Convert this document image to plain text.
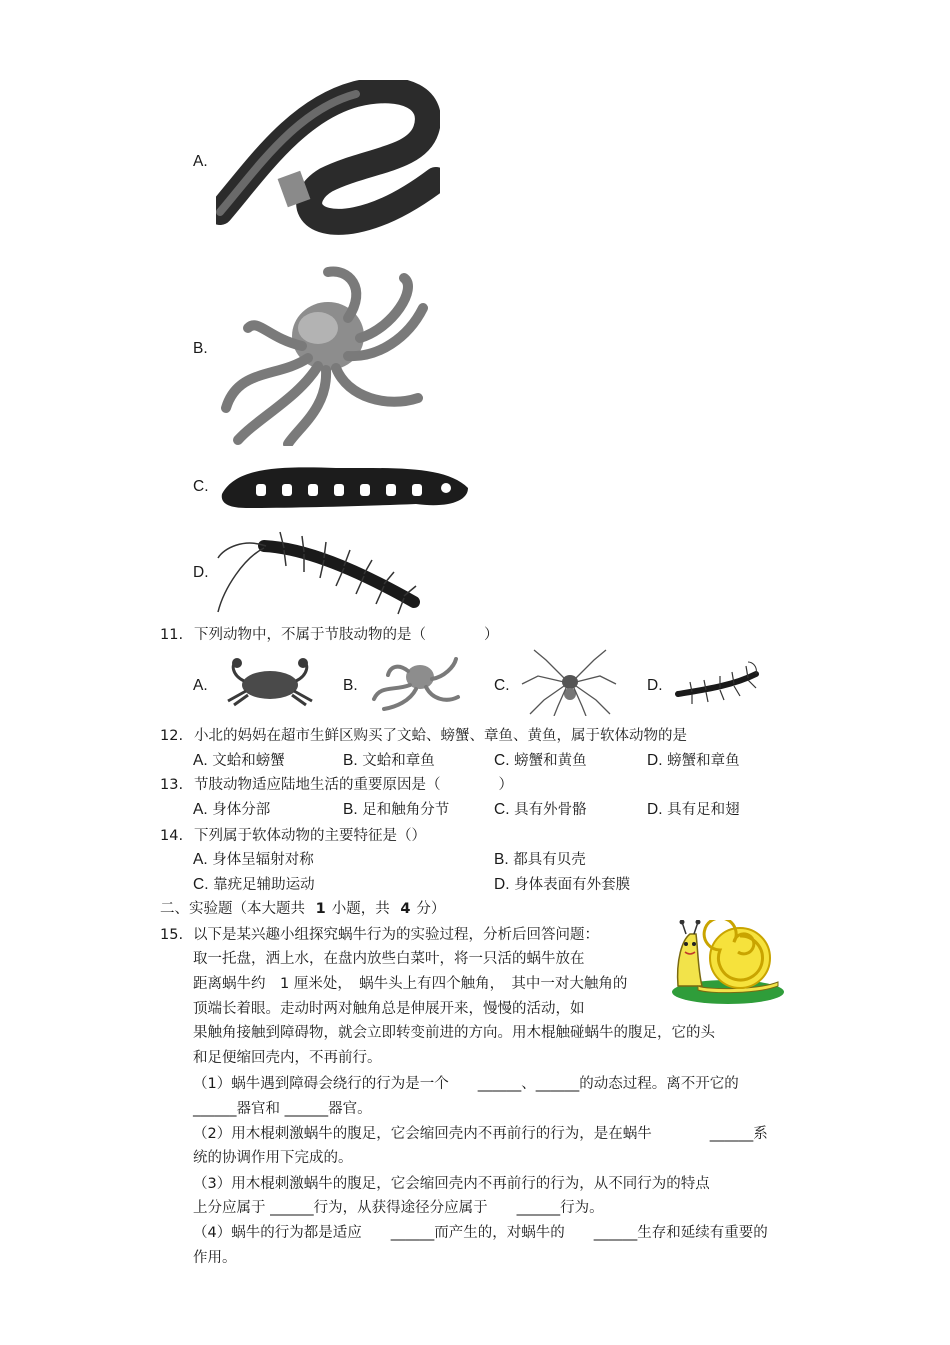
A.
B.
C.
D.
11. 下列动物中，不属于节肢动物的是（　　　　）
A.	B.	C.	D.
12. 小北的妈妈在超市生鲜区购买了文蛤、螃蟹、章鱼、黄鱼，属于软体动物的是
A. 文蛤和螃蟹	B. 文蛤和章鱼	C. 螃蟹和黄鱼	D. 螃蟹和章鱼
13. 节肢动物适应陆地生活的重要原因是（　　　　）
A. 身体分部	B. 足和触角分节	C. 具有外骨骼	D. 具有足和翅
14. 下列属于软体动物的主要特征是（）
A. 身体呈辐射对称	B. 都具有贝壳
C. 靠疣足辅助运动	D. 身体表面有外套膜
二、实验题（本大题共 1 小题，共 4 分）
15. 以下是某兴趣小组探究蜗牛行为的实验过程，分析后回答问题：
取一托盘，洒上水，在盘内放些白菜叶，将一只活的蜗牛放在
距离蜗牛约　1 厘米处，　蜗牛头上有四个触角，　其中一对大触角的
顶端长着眼。走动时两对触角总是伸展开来，慢慢的活动，如
果触角接触到障碍物，就会立即转变前进的方向。用木棍触碰蜗牛的腹足，它的头
和足便缩回壳内，不再前行。
（1）蜗牛遇到障碍会绕行的行为是一个　　______、______的动态过程。离不开它的
______器官和 ______器官。
（2）用木棍刺激蜗牛的腹足，它会缩回壳内不再前行的行为，是在蜗牛　　　　______系
统的协调作用下完成的。
（3）用木棍刺激蜗牛的腹足，它会缩回壳内不再前行的行为，从不同行为的特点
上分应属于 ______行为，从获得途径分应属于　　______行为。
（4）蜗牛的行为都是适应　　______而产生的，对蜗牛的　　______生存和延续有重要的
作用。
